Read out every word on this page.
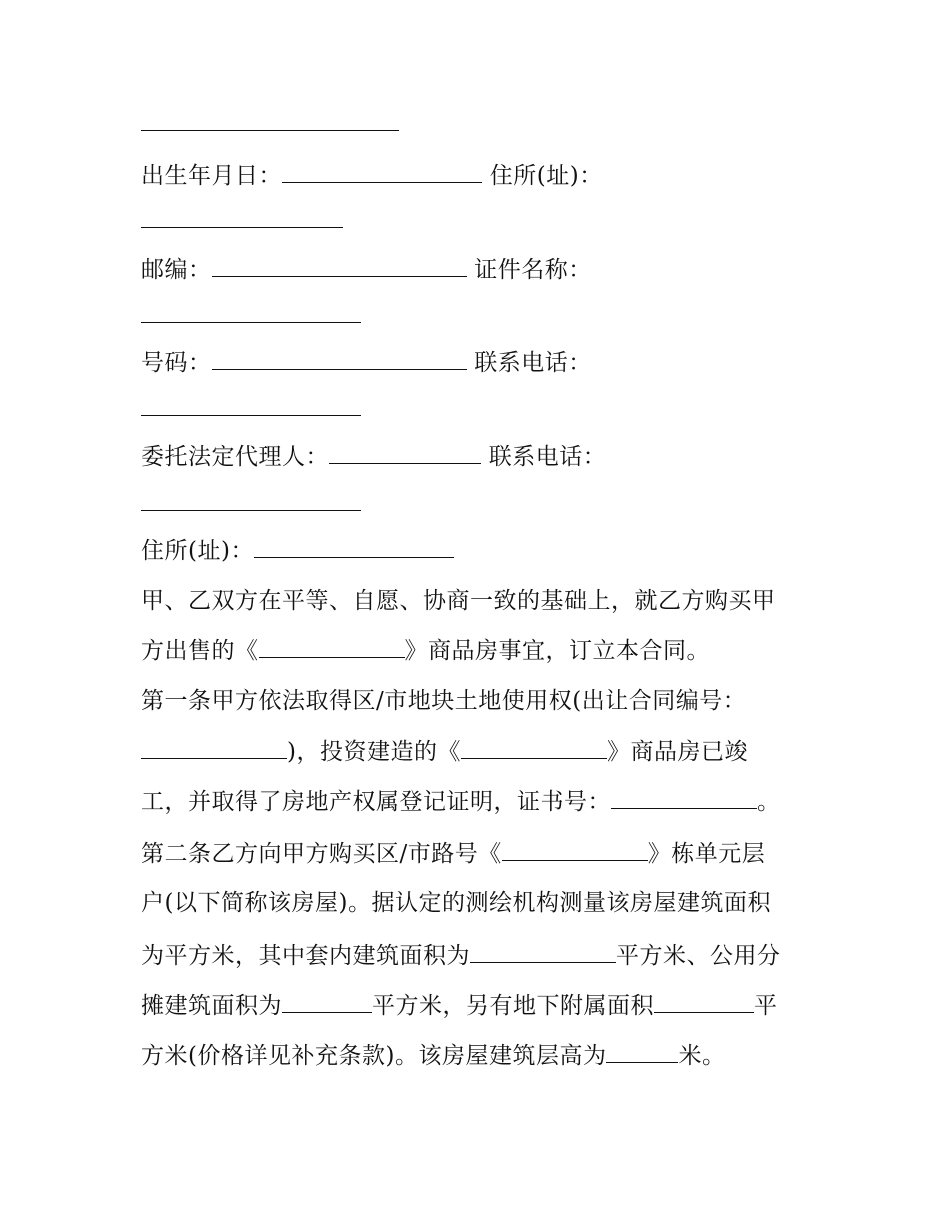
出生年月日：	住所(址)：
邮编：	证件名称：
号码：	联系电话：
委托法定代理人：	联系电话：
住所(址)：
甲、乙双方在平等、自愿、协商一致的基础上，就乙方购买甲
方出售的《	》商品房事宜，订立本合同。
第一条甲方依法取得区/市地块土地使用权(出让合同编号：
)，投资建造的《	》商品房已竣
工，并取得了房地产权属登记证明，证书号：	。
第二条乙方向甲方购买区/市路号《	》栋单元层
户(以下简称该房屋)。据认定的测绘机构测量该房屋建筑面积
为平方米，其中套内建筑面积为	平方米、公用分
摊建筑面积为	平方米，另有地下附属面积	平
方米(价格详见补充条款)。该房屋建筑层高为	米。
